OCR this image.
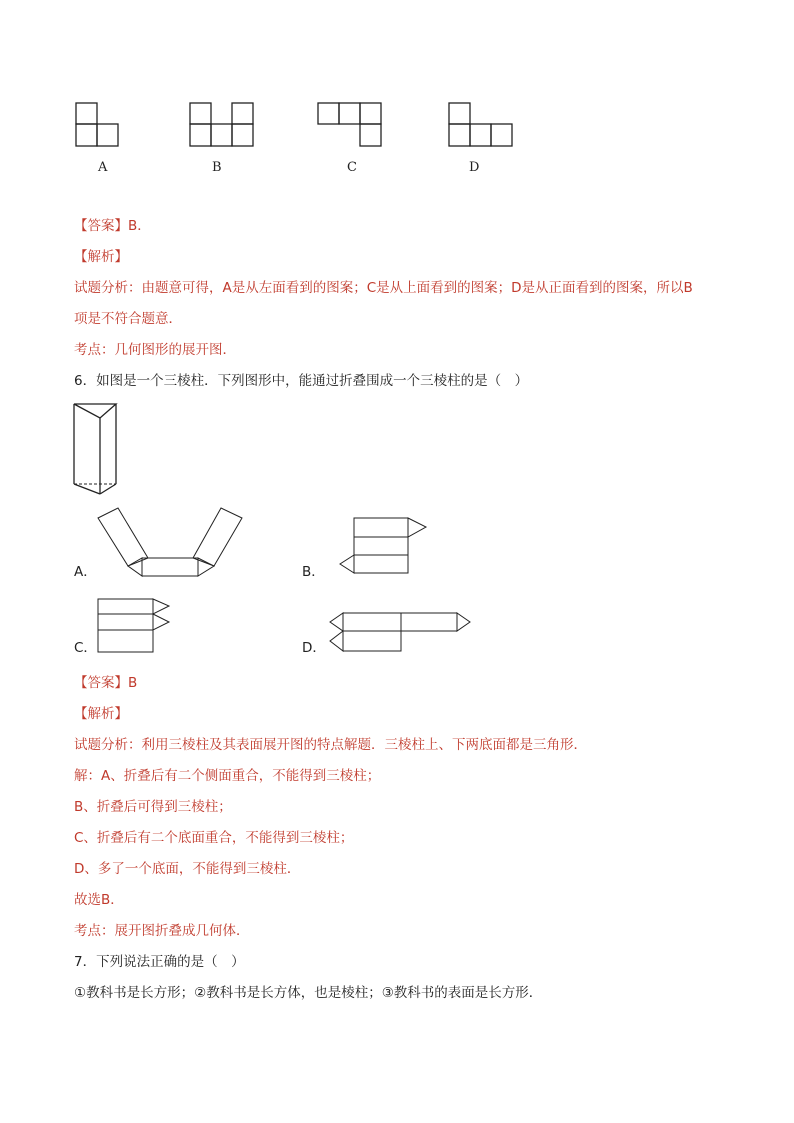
A	B	C	D
【答案】B．
【解析】
试题分析：由题意可得，A是从左面看到的图案；C是从上面看到的图案；D是从正面看到的图案，所以B
项是不符合题意．
考点：几何图形的展开图．
6．如图是一个三棱柱．下列图形中，能通过折叠围成一个三棱柱的是（　）
A．	B．
C．	D．
【答案】B
【解析】
试题分析：利用三棱柱及其表面展开图的特点解题．三棱柱上、下两底面都是三角形．
解：A、折叠后有二个侧面重合，不能得到三棱柱；
B、折叠后可得到三棱柱；
C、折叠后有二个底面重合，不能得到三棱柱；
D、多了一个底面，不能得到三棱柱．
故选B．
考点：展开图折叠成几何体．
7．下列说法正确的是（　）
①教科书是长方形；②教科书是长方体，也是棱柱；③教科书的表面是长方形．
